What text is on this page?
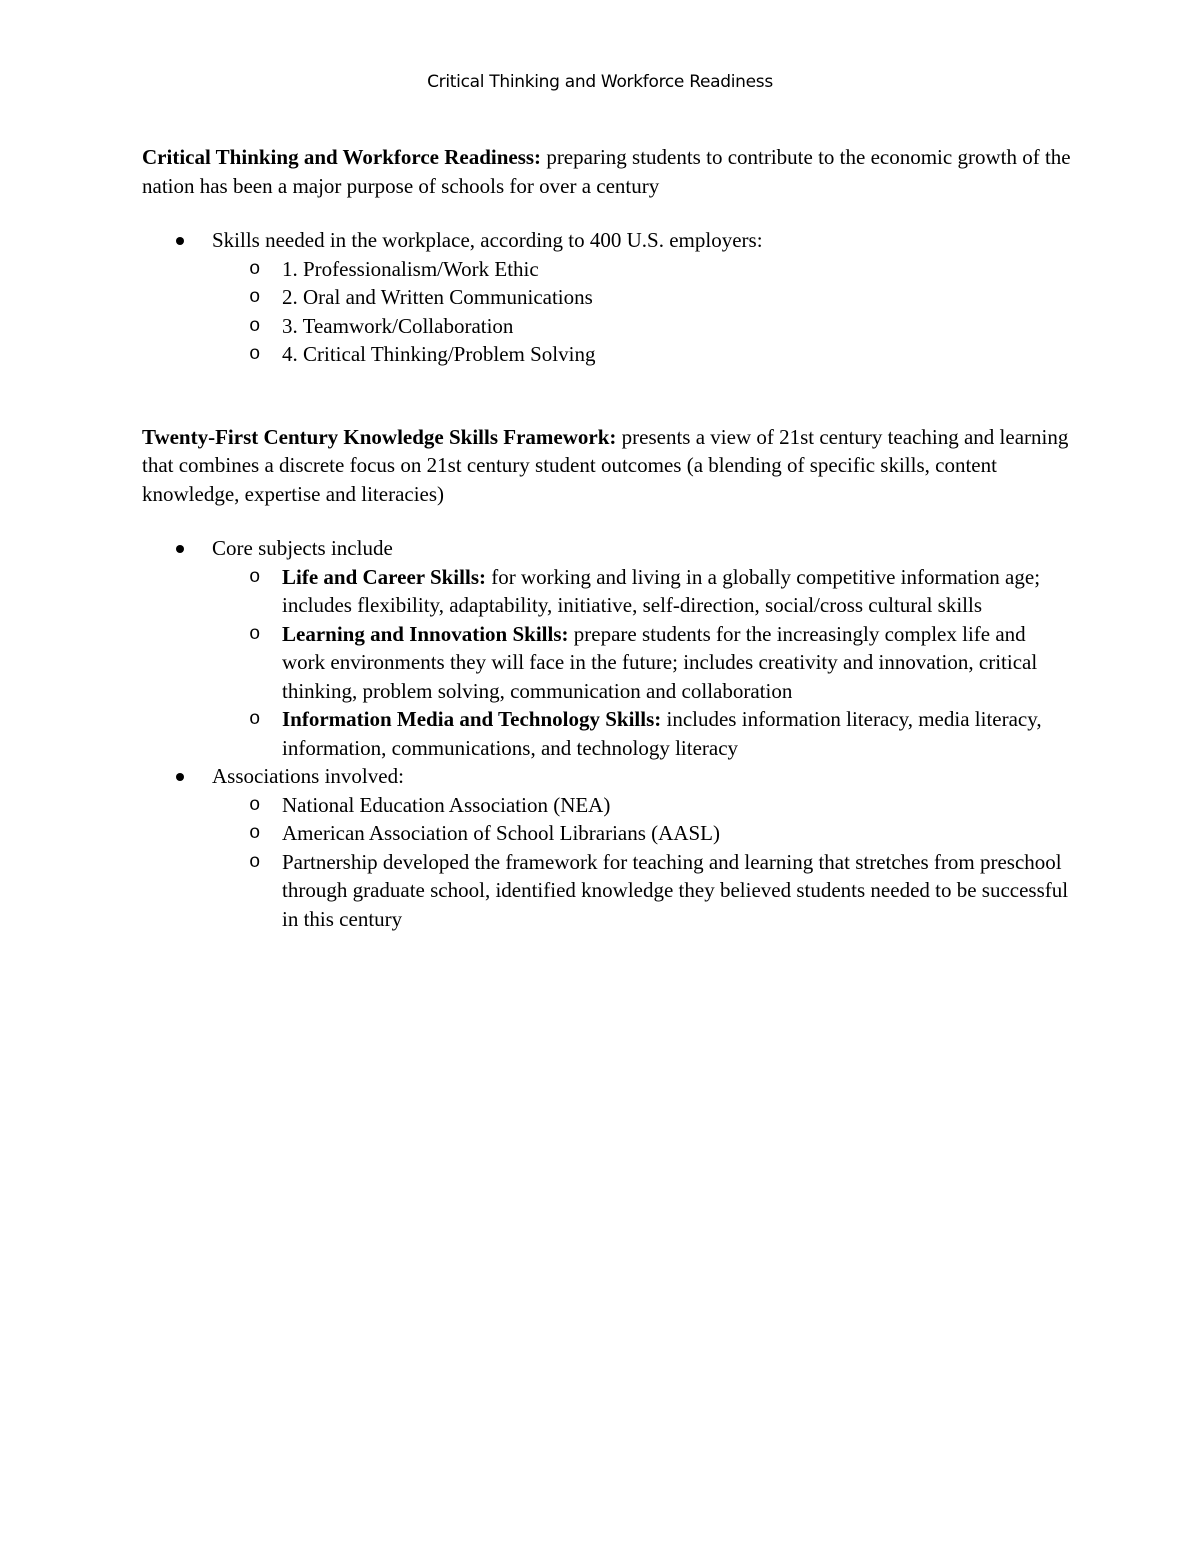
Critical Thinking and Workforce Readiness

Critical Thinking and Workforce Readiness: preparing students to contribute to the economic growth of the nation has been a major purpose of schools for over a century

Skills needed in the workplace, according to 400 U.S. employers:
o 1. Professionalism/Work Ethic
o 2. Oral and Written Communications
o 3. Teamwork/Collaboration
o 4. Critical Thinking/Problem Solving

Twenty-First Century Knowledge Skills Framework: presents a view of 21st century teaching and learning that combines a discrete focus on 21st century student outcomes (a blending of specific skills, content knowledge, expertise and literacies)

Core subjects include
o Life and Career Skills: for working and living in a globally competitive information age; includes flexibility, adaptability, initiative, self-direction, social/cross cultural skills
o Learning and Innovation Skills: prepare students for the increasingly complex life and work environments they will face in the future; includes creativity and innovation, critical thinking, problem solving, communication and collaboration
o Information Media and Technology Skills: includes information literacy, media literacy, information, communications, and technology literacy
Associations involved:
o National Education Association (NEA)
o American Association of School Librarians (AASL)
o Partnership developed the framework for teaching and learning that stretches from preschool through graduate school, identified knowledge they believed students needed to be successful in this century
